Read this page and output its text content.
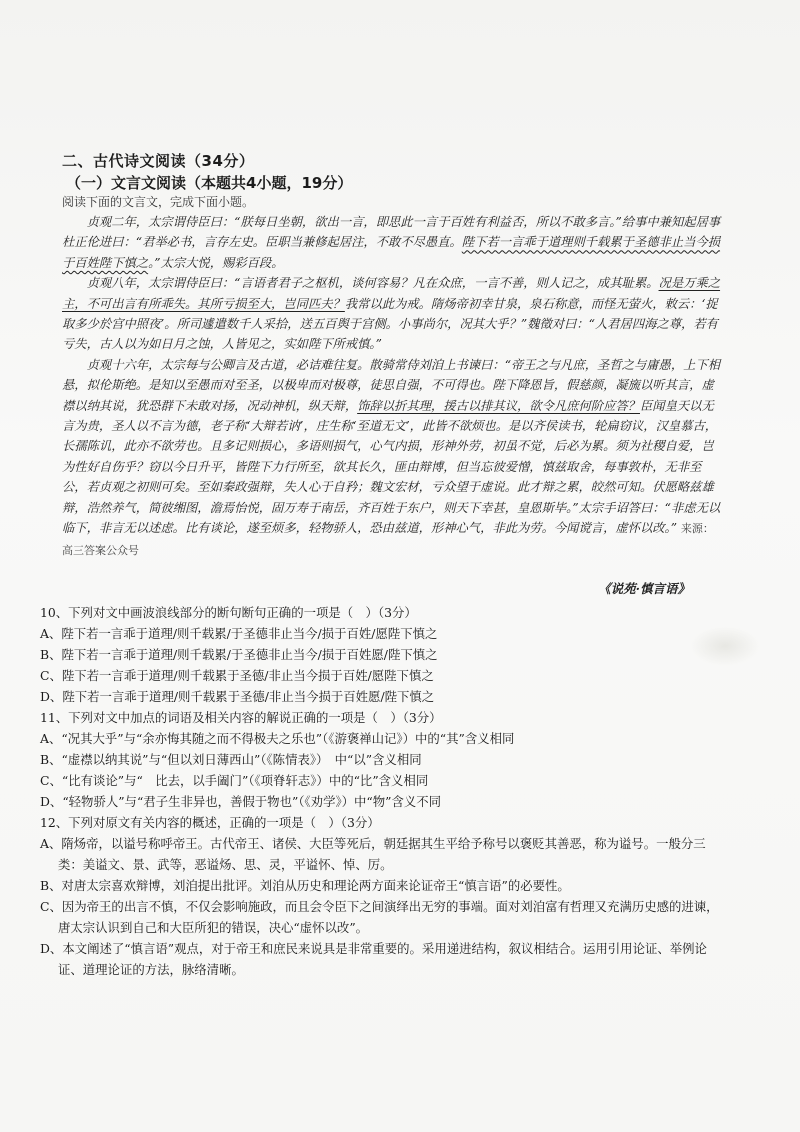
二、古代诗文阅读（34分）
（一）文言文阅读（本题共4小题，19分）
阅读下面的文言文，完成下面小题。

贞观二年，太宗谓侍臣曰：“朕每日坐朝，欲出一言，即思此一言于百姓有利益否，所以不敢多言。”给事中兼知起居事杜正伦进曰：“君举必书，言存左史。臣职当兼修起居注，不敢不尽愚直。陛下若一言乖于道理则千载累于圣德非止当今损于百姓陛下慎之。”太宗大悦，赐彩百段。

贞观八年，太宗谓侍臣曰：“言语者君子之枢机，谈何容易？凡在众庶，一言不善，则人记之，成其耻累。况是万乘之主，不可出言有所乖失。其所亏损至大，岂同匹夫？我常以此为戒。隋炀帝初幸甘泉，泉石称意，而怪无萤火，敕云：‘捉取多少於宫中照夜’。所司遽遣数千人采拾，送五百舆于宫侧。小事尚尔，况其大乎？”魏徵对曰：“人君居四海之尊，若有亏失，古人以为如日月之蚀，人皆见之，实如陛下所戒慎。”

贞观十六年，太宗每与公卿言及古道，必诘难往复。散骑常侍刘洎上书谏曰：“帝王之与凡庶，圣哲之与庸愚，上下相悬，拟伦斯绝。是知以至愚而对至圣，以极卑而对极尊，徒思自强，不可得也。陛下降恩旨，假慈颜，凝旒以听其言，虚襟以纳其说，犹恐群下未敢对扬，况动神机，纵天辩，饰辞以折其理，援古以排其议，欲令凡庶何阶应答？臣闻皇天以无言为贵，圣人以不言为德，老子称‘大辩若讷’，庄生称‘至道无文’，此皆不欲烦也。是以齐侯读书，轮扁窃议，汉皇慕古，长孺陈讥，此亦不欲劳也。且多记则损心，多语则损气，心气内损，形神外劳，初虽不觉，后必为累。须为社稷自爱，岂为性好自伤乎？窃以今日升平，皆陛下力行所至，欲其长久，匪由辩博，但当忘彼爱憎，慎兹取舍，每事敦朴，无非至公，若贞观之初则可矣。至如秦政强辩，失人心于自矜；魏文宏材，亏众望于虚说。此才辩之累，皎然可知。伏愿略兹雄辩，浩然养气，简彼缃图，澹焉怡悦，固万寿于南岳，齐百姓于东户，则天下幸甚，皇恩斯毕。”太宗手诏答曰：“非虑无以临下，非言无以述虑。比有谈论，遂至烦多，轻物骄人，恐由兹道，形神心气，非此为劳。今闻谠言，虚怀以改。” 来源：高三答案公众号

《说苑·慎言语》

10、下列对文中画波浪线部分的断句断句正确的一项是（　）（3分）

A、陛下若一言乖于道理/则千载累/于圣德非止当今/损于百姓/愿陛下慎之

B、陛下若一言乖于道理/则千载累/于圣德非止当今/损于百姓愿/陛下慎之

C、陛下若一言乖于道理/则千载累于圣德/非止当今损于百姓/愿陛下慎之

D、陛下若一言乖于道理/则千载累于圣德/非止当今损于百姓愿/陛下慎之

11、下列对文中加点的词语及相关内容的解说正确的一项是（　）（3分）

A、“况其大乎”与“余亦悔其随之而不得极夫之乐也”（《游褒禅山记》）中的“其”含义相同

B、“虚襟以纳其说”与“但以刘日薄西山”（《陈情表》）　中“以”含义相同

C、“比有谈论”与“　比去，以手阖门”（《项脊轩志》）中的“比”含义相同

D、“轻物骄人”与“君子生非异也，善假于物也”（《劝学》）中“物”含义不同

12、下列对原文有关内容的概述，正确的一项是（　）（3分）

A、隋炀帝，以谥号称呼帝王。古代帝王、诸侯、大臣等死后，朝廷据其生平给予称号以褒贬其善恶，称为谥号。一般分三类：美谥文、景、武等，恶谥炀、思、灵，平谥怀、悼、厉。

B、对唐太宗喜欢辩博，刘洎提出批评。刘洎从历史和理论两方面来论证帝王“慎言语”的必要性。

C、因为帝王的出言不慎，不仅会影响施政，而且会令臣下之间演绎出无穷的事端。面对刘洎富有哲理又充满历史感的进谏，唐太宗认识到自己和大臣所犯的错误，决心“虚怀以改”。

D、本文阐述了“慎言语”观点，对于帝王和庶民来说具是非常重要的。采用递进结构，叙议相结合。运用引用论证、举例论证、道理论证的方法，脉络清晰。
